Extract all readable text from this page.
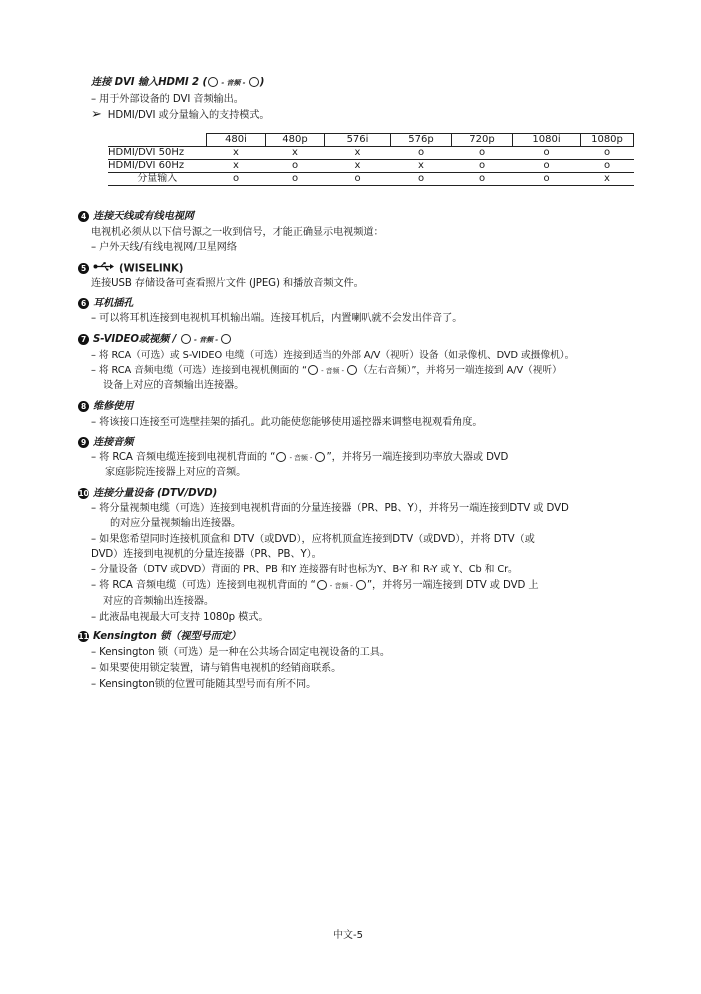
连接 DVI 输入HDMI 2 ( - 音频 - )
– 用于外部设备的 DVI 音频输出。
➢ HDMI/DVI 或分量输入的支持模式。
	480i	480p	576i	576p	720p	1080i	1080p
HDMI/DVI 50Hz	x	x	x	o	o	o	o
HDMI/DVI 60Hz	x	o	x	x	o	o	o
分量输入	o	o	o	o	o	o	x
4 连接天线或有线电视网
电视机必须从以下信号源之一收到信号，才能正确显示电视频道：
– 户外天线/有线电视网/卫星网络
5	(WISELINK)
连接USB 存储设备可查看照片文件 (JPEG) 和播放音频文件。
6 耳机插孔
– 可以将耳机连接到电视机耳机输出端。连接耳机后，内置喇叭就不会发出伴音了。
7 S-VIDEO或视频 /  - 音频 -
– 将 RCA（可选）或 S-VIDEO 电缆（可选）连接到适当的外部 A/V（视听）设备（如录像机、DVD 或摄像机）。
– 将 RCA 音频电缆（可选）连接到电视机侧面的 “ - 音频 - （左右音频）”，并将另一端连接到 A/V（视听）
设备上对应的音频输出连接器。
8 维修使用
– 将该接口连接至可选壁挂架的插孔。此功能使您能够使用遥控器来调整电视观看角度。
9 连接音频
– 将 RCA 音频电缆连接到电视机背面的 “ - 音频 - ”，并将另一端连接到功率放大器或 DVD
家庭影院连接器上对应的音频。
10 连接分量设备 (DTV/DVD)
– 将分量视频电缆（可选）连接到电视机背面的分量连接器（PR、PB、Y），并将另一端连接到DTV 或 DVD
的对应分量视频输出连接器。
– 如果您希望同时连接机顶盒和 DTV（或DVD），应将机顶盒连接到DTV（或DVD），并将 DTV（或
DVD）连接到电视机的分量连接器（PR、PB、Y）。
– 分量设备（DTV 或DVD）背面的 PR、PB 和Y 连接器有时也标为Y、B-Y 和 R-Y 或 Y、Cb 和 Cr。
– 将 RCA 音频电缆（可选）连接到电视机背面的 “ - 音频 - ”，并将另一端连接到 DTV 或 DVD 上
对应的音频输出连接器。
– 此液晶电视最大可支持 1080p 模式。
11 Kensington 锁（视型号而定）
– Kensington 锁（可选）是一种在公共场合固定电视设备的工具。
– 如果要使用锁定装置，请与销售电视机的经销商联系。
– Kensington锁的位置可能随其型号而有所不同。
中文-5
